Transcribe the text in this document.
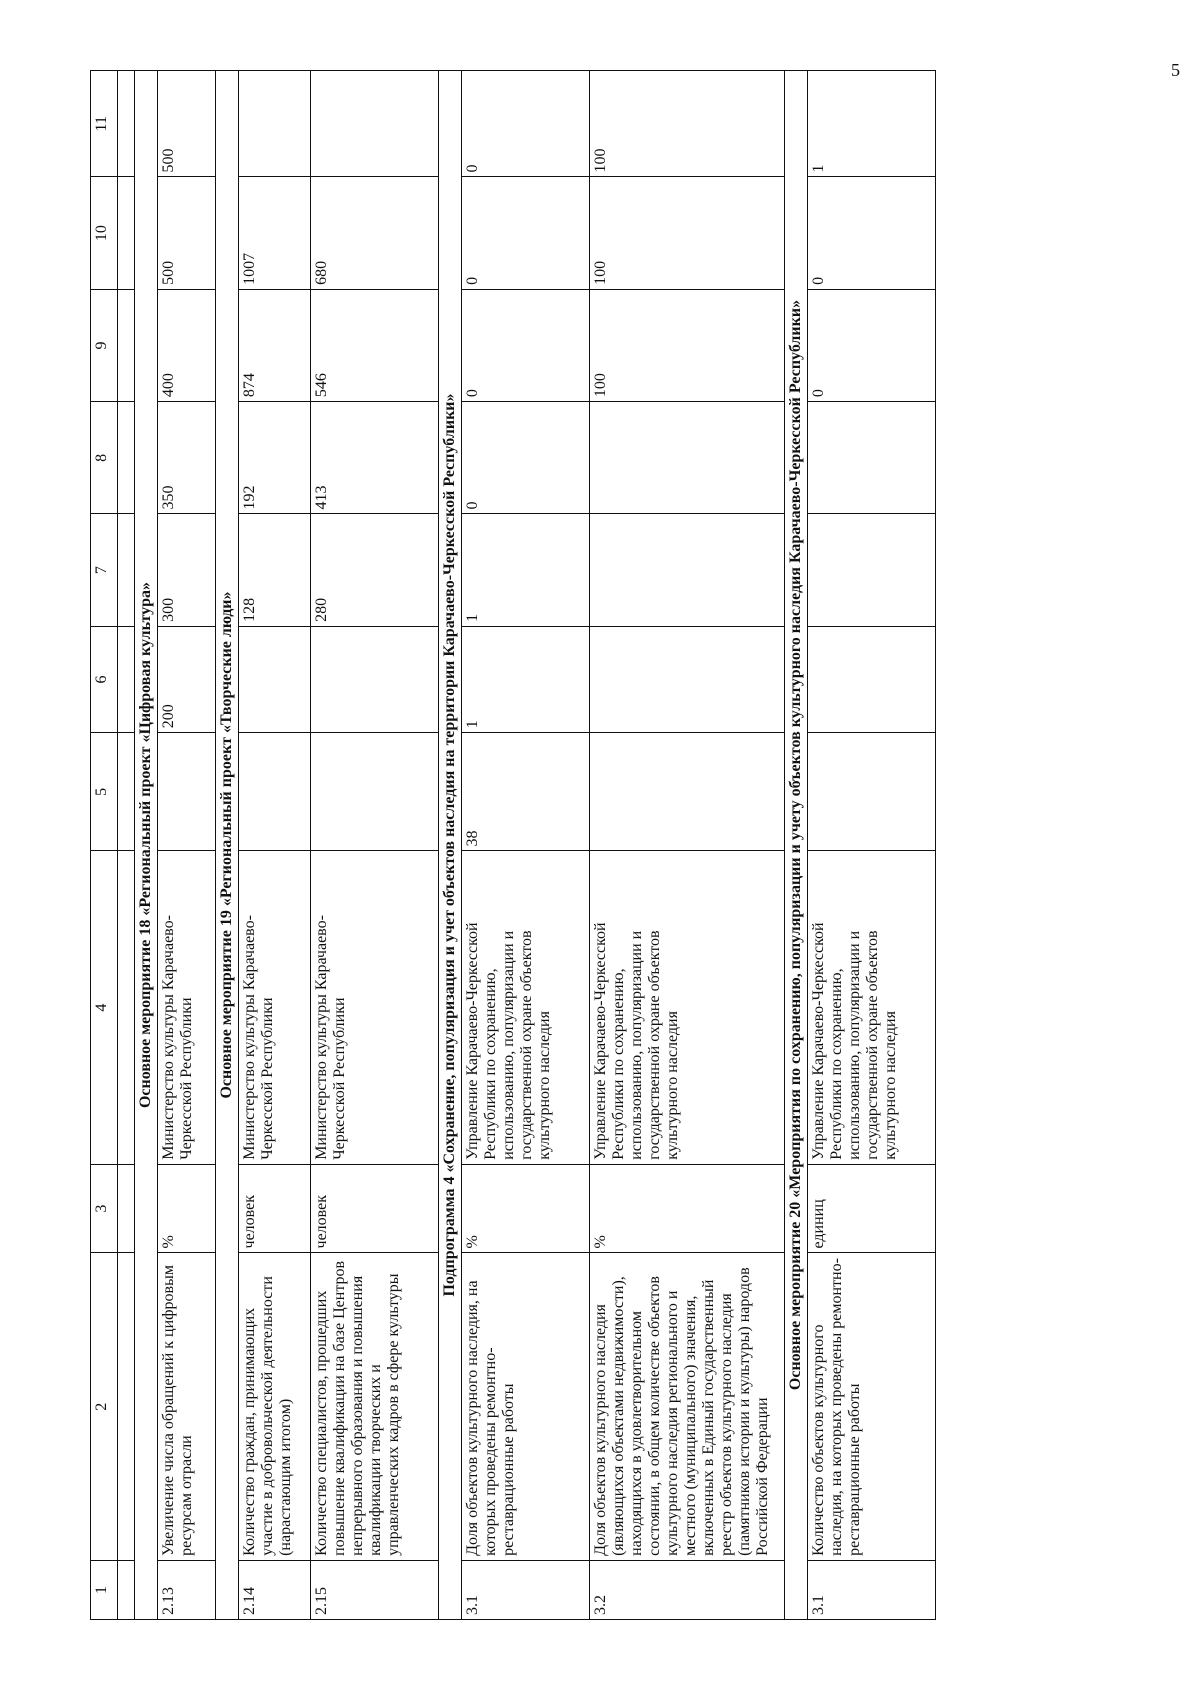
5
1	2	3	4	5	6	7	8	9	10	11

Основное мероприятие 18 «Региональный проект «Цифровая культура»										
2.13	Увеличение числа обращений к цифровым ресурсам отрасли	%	Министерство культуры Карачаево-Черкесской Республики		200	300	350	400	500	500
Основное мероприятие 19 «Региональный проект «Творческие люди»										
2.14	Количество граждан, принимающих участие в добровольческой деятельности (нарастающим итогом)	человек	Министерство культуры Карачаево-Черкесской Республики			128	192	874	1007	
2.15	Количество специалистов, прошедших повышение квалификации на базе Центров непрерывного образования и повышения квалификации творческих и управленческих кадров в сфере культуры	человек	Министерство культуры Карачаево-Черкесской Республики			280	413	546	680	
Подпрограмма 4 «Сохранение, популяризация и учет объектов наследия на территории Карачаево-Черкесской Республики»										
3.1	Доля объектов культурного наследия, на которых проведены ремонтно-реставрационные работы	%	Управление Карачаево-Черкесской Республики по сохранению, использованию, популяризации и государственной охране объектов культурного наследия	38	1	1	0	0	0	0
3.2	Доля объектов культурного наследия (являющихся объектами недвижимости), находящихся в удовлетворительном состоянии, в общем количестве объектов культурного наследия регионального и местного (муниципального) значения, включенных в Единый государственный реестр объектов культурного наследия (памятников истории и культуры) народов Российской Федерации	%	Управление Карачаево-Черкесской Республики по сохранению, использованию, популяризации и государственной охране объектов культурного наследия					100	100	100
Основное мероприятие 20 «Мероприятия по сохранению, популяризации и учету объектов культурного наследия Карачаево-Черкесской Республики»										
3.1	Количество объектов культурного наследия, на которых проведены ремонтно-реставрационные работы	единиц	Управление Карачаево-Черкесской Республики по сохранению, использованию, популяризации и государственной охране объектов культурного наследия					0	0	1
